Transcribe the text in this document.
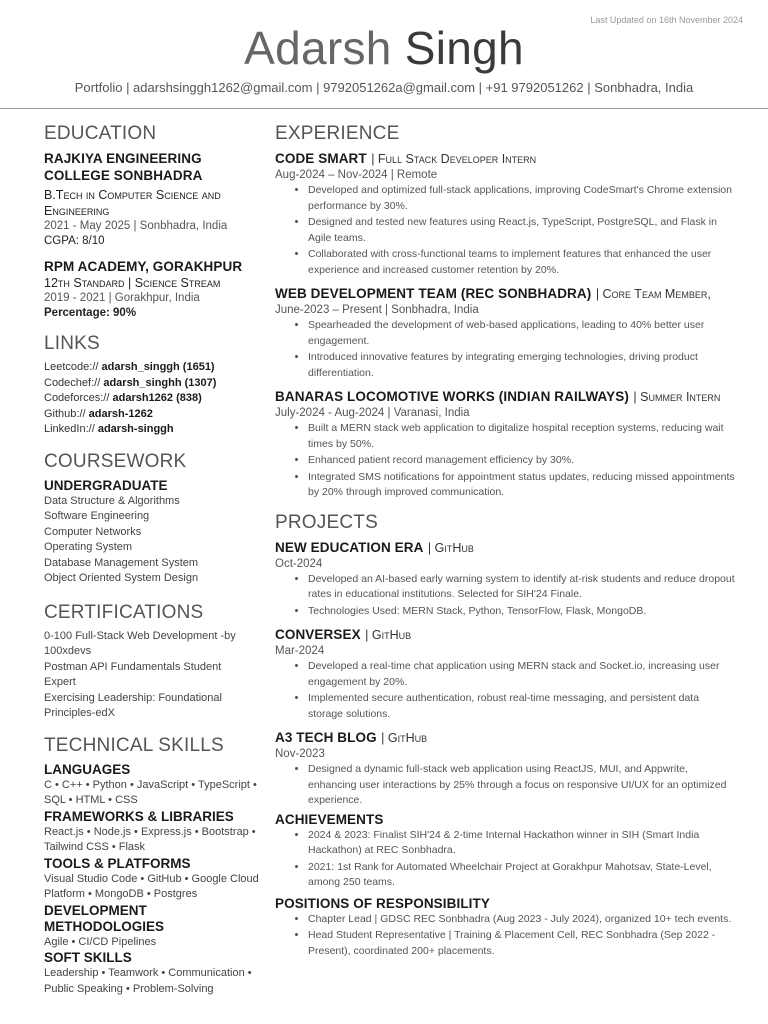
Last Updated on 16th November 2024
Adarsh Singh
Portfolio | adarshsinggh1262@gmail.com | 9792051262a@gmail.com | +91 9792051262 | Sonbhadra, India
EDUCATION
RAJKIYA ENGINEERING COLLEGE SONBHADRA
B.Tech in Computer Science and Engineering
2021 - May 2025 | Sonbhadra, India
CGPA: 8/10
RPM ACADEMY, GORAKHPUR
12th Standard | Science Stream
2019 - 2021 | Gorakhpur, India
Percentage: 90%
LINKS
Leetcode:// adarsh_singgh (1651)
Codechef:// adarsh_singhh (1307)
Codeforces:// adarsh1262 (838)
Github:// adarsh-1262
LinkedIn:// adarsh-singgh
COURSEWORK
UNDERGRADUATE
Data Structure & Algorithms
Software Engineering
Computer Networks
Operating System
Database Management System
Object Oriented System Design
CERTIFICATIONS
0-100 Full-Stack Web Development -by 100xdevs
Postman API Fundamentals Student Expert
Exercising Leadership: Foundational Principles-edX
TECHNICAL SKILLS
LANGUAGES
C • C++ • Python • JavaScript • TypeScript • SQL • HTML • CSS
FRAMEWORKS & LIBRARIES
React.js • Node.js • Express.js • Bootstrap • Tailwind CSS • Flask
TOOLS & PLATFORMS
Visual Studio Code • GitHub • Google Cloud Platform • MongoDB • Postgres
DEVELOPMENT METHODOLOGIES
Agile • CI/CD Pipelines
SOFT SKILLS
Leadership • Teamwork • Communication • Public Speaking • Problem-Solving
EXPERIENCE
CODE SMART | Full Stack Developer Intern
Aug-2024 – Nov-2024 | Remote
• Developed and optimized full-stack applications, improving CodeSmart's Chrome extension performance by 30%.
• Designed and tested new features using React.js, TypeScript, PostgreSQL, and Flask in Agile teams.
• Collaborated with cross-functional teams to implement features that enhanced the user experience and increased customer retention by 20%.
WEB DEVELOPMENT TEAM (REC SONBHADRA) | Core Team Member,
June-2023 – Present | Sonbhadra, India
• Spearheaded the development of web-based applications, leading to 40% better user engagement.
• Introduced innovative features by integrating emerging technologies, driving product differentiation.
BANARAS LOCOMOTIVE WORKS (INDIAN RAILWAYS) | Summer Intern
July-2024 - Aug-2024 | Varanasi, India
• Built a MERN stack web application to digitalize hospital reception systems, reducing wait times by 50%.
• Enhanced patient record management efficiency by 30%.
• Integrated SMS notifications for appointment status updates, reducing missed appointments by 20% through improved communication.
PROJECTS
NEW EDUCATION ERA | GitHub
Oct-2024
• Developed an AI-based early warning system to identify at-risk students and reduce dropout rates in educational institutions. Selected for SIH'24 Finale.
• Technologies Used: MERN Stack, Python, TensorFlow, Flask, MongoDB.
CONVERSEX | GitHub
Mar-2024
• Developed a real-time chat application using MERN stack and Socket.io, increasing user engagement by 20%.
• Implemented secure authentication, robust real-time messaging, and persistent data storage solutions.
A3 TECH BLOG | GitHub
Nov-2023
• Designed a dynamic full-stack web application using ReactJS, MUI, and Appwrite, enhancing user interactions by 25% through a focus on responsive UI/UX for an optimized experience.
ACHIEVEMENTS
• 2024 & 2023: Finalist SIH'24 & 2-time Internal Hackathon winner in SIH (Smart India Hackathon) at REC Sonbhadra.
• 2021: 1st Rank for Automated Wheelchair Project at Gorakhpur Mahotsav, State-Level, among 250 teams.
POSITIONS OF RESPONSIBILITY
• Chapter Lead | GDSC REC Sonbhadra (Aug 2023 - July 2024), organized 10+ tech events.
• Head Student Representative | Training & Placement Cell, REC Sonbhadra (Sep 2022 - Present), coordinated 200+ placements.
